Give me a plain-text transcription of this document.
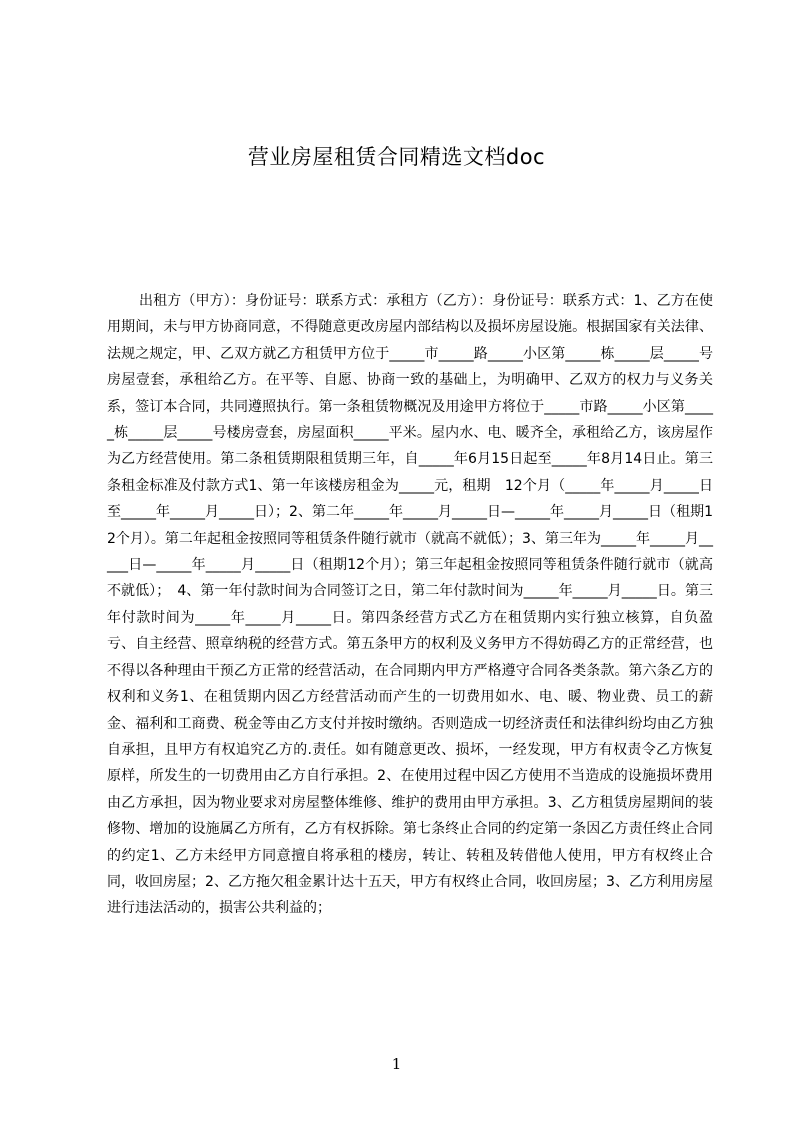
营业房屋租赁合同精选文档doc

出租方（甲方）：身份证号：联系方式：承租方（乙方）：身份证号：联系方式：1、乙方在使用期间，未与甲方协商同意，不得随意更改房屋内部结构以及损坏房屋设施。根据国家有关法律、法规之规定，甲、乙双方就乙方租赁甲方位于_____市_____路_____小区第_____栋_____层_____号房屋壹套，承租给乙方。在平等、自愿、协商一致的基础上，为明确甲、乙双方的权力与义务关系，签订本合同，共同遵照执行。第一条租赁物概况及用途甲方将位于_____市路_____小区第_____栋_____层_____号楼房壹套，房屋面积_____平米。屋内水、电、暖齐全，承租给乙方，该房屋作为乙方经营使用。第二条租赁期限租赁期三年，自_____年6月15日起至_____年8月14日止。第三条租金标准及付款方式1、第一年该楼房租金为_____元，租期　12个月（_____年_____月_____日至_____年_____月_____日）；2、第二年_____年_____月_____日—_____年_____月_____日（租期12个月）。第二年起租金按照同等租赁条件随行就市（就高不就低）；3、第三年为_____年_____月_____日—_____年_____月_____日（租期12个月）；第三年起租金按照同等租赁条件随行就市（就高不就低）；　4、第一年付款时间为合同签订之日，第二年付款时间为_____年_____月_____日。第三年付款时间为_____年_____月_____日。第四条经营方式乙方在租赁期内实行独立核算，自负盈亏、自主经营、照章纳税的经营方式。第五条甲方的权利及义务甲方不得妨碍乙方的正常经营，也不得以各种理由干预乙方正常的经营活动，在合同期内甲方严格遵守合同各类条款。第六条乙方的权利和义务1、在租赁期内因乙方经营活动而产生的一切费用如水、电、暖、物业费、员工的薪金、福利和工商费、税金等由乙方支付并按时缴纳。否则造成一切经济责任和法律纠纷均由乙方独自承担，且甲方有权追究乙方的.责任。如有随意更改、损坏，一经发现，甲方有权责令乙方恢复原样，所发生的一切费用由乙方自行承担。2、在使用过程中因乙方使用不当造成的设施损坏费用由乙方承担，因为物业要求对房屋整体维修、维护的费用由甲方承担。3、乙方租赁房屋期间的装修物、增加的设施属乙方所有，乙方有权拆除。第七条终止合同的约定第一条因乙方责任终止合同的约定1、乙方未经甲方同意擅自将承租的楼房，转让、转租及转借他人使用，甲方有权终止合同，收回房屋；2、乙方拖欠租金累计达十五天，甲方有权终止合同，收回房屋；3、乙方利用房屋进行违法活动的，损害公共利益的；

1
